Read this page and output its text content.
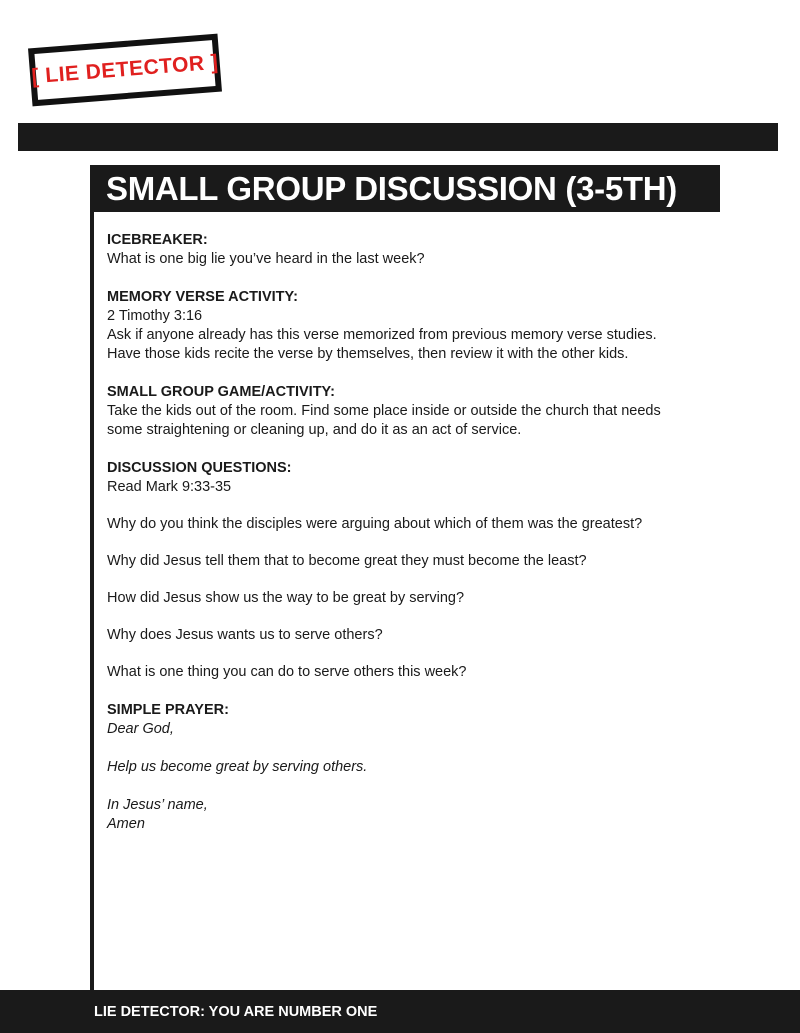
[ LIE DETECTOR ]
SMALL GROUP DISCUSSION (3-5TH)

ICEBREAKER:

What is one big lie you’ve heard in the last week?

MEMORY VERSE ACTIVITY:

2 Timothy 3:16

Ask if anyone already has this verse memorized from previous memory verse studies.

Have those kids recite the verse by themselves, then review it with the other kids.

SMALL GROUP GAME/ACTIVITY:

Take the kids out of the room. Find some place inside or outside the church that needs

some straightening or cleaning up, and do it as an act of service.

DISCUSSION QUESTIONS:

Read Mark 9:33-35

Why do you think the disciples were arguing about which of them was the greatest?

Why did Jesus tell them that to become great they must become the least?

How did Jesus show us the way to be great by serving?

Why does Jesus wants us to serve others?

What is one thing you can do to serve others this week?

SIMPLE PRAYER:

Dear God,

Help us become great by serving others.

In Jesus’ name,

Amen

LIE DETECTOR: YOU ARE NUMBER ONE
